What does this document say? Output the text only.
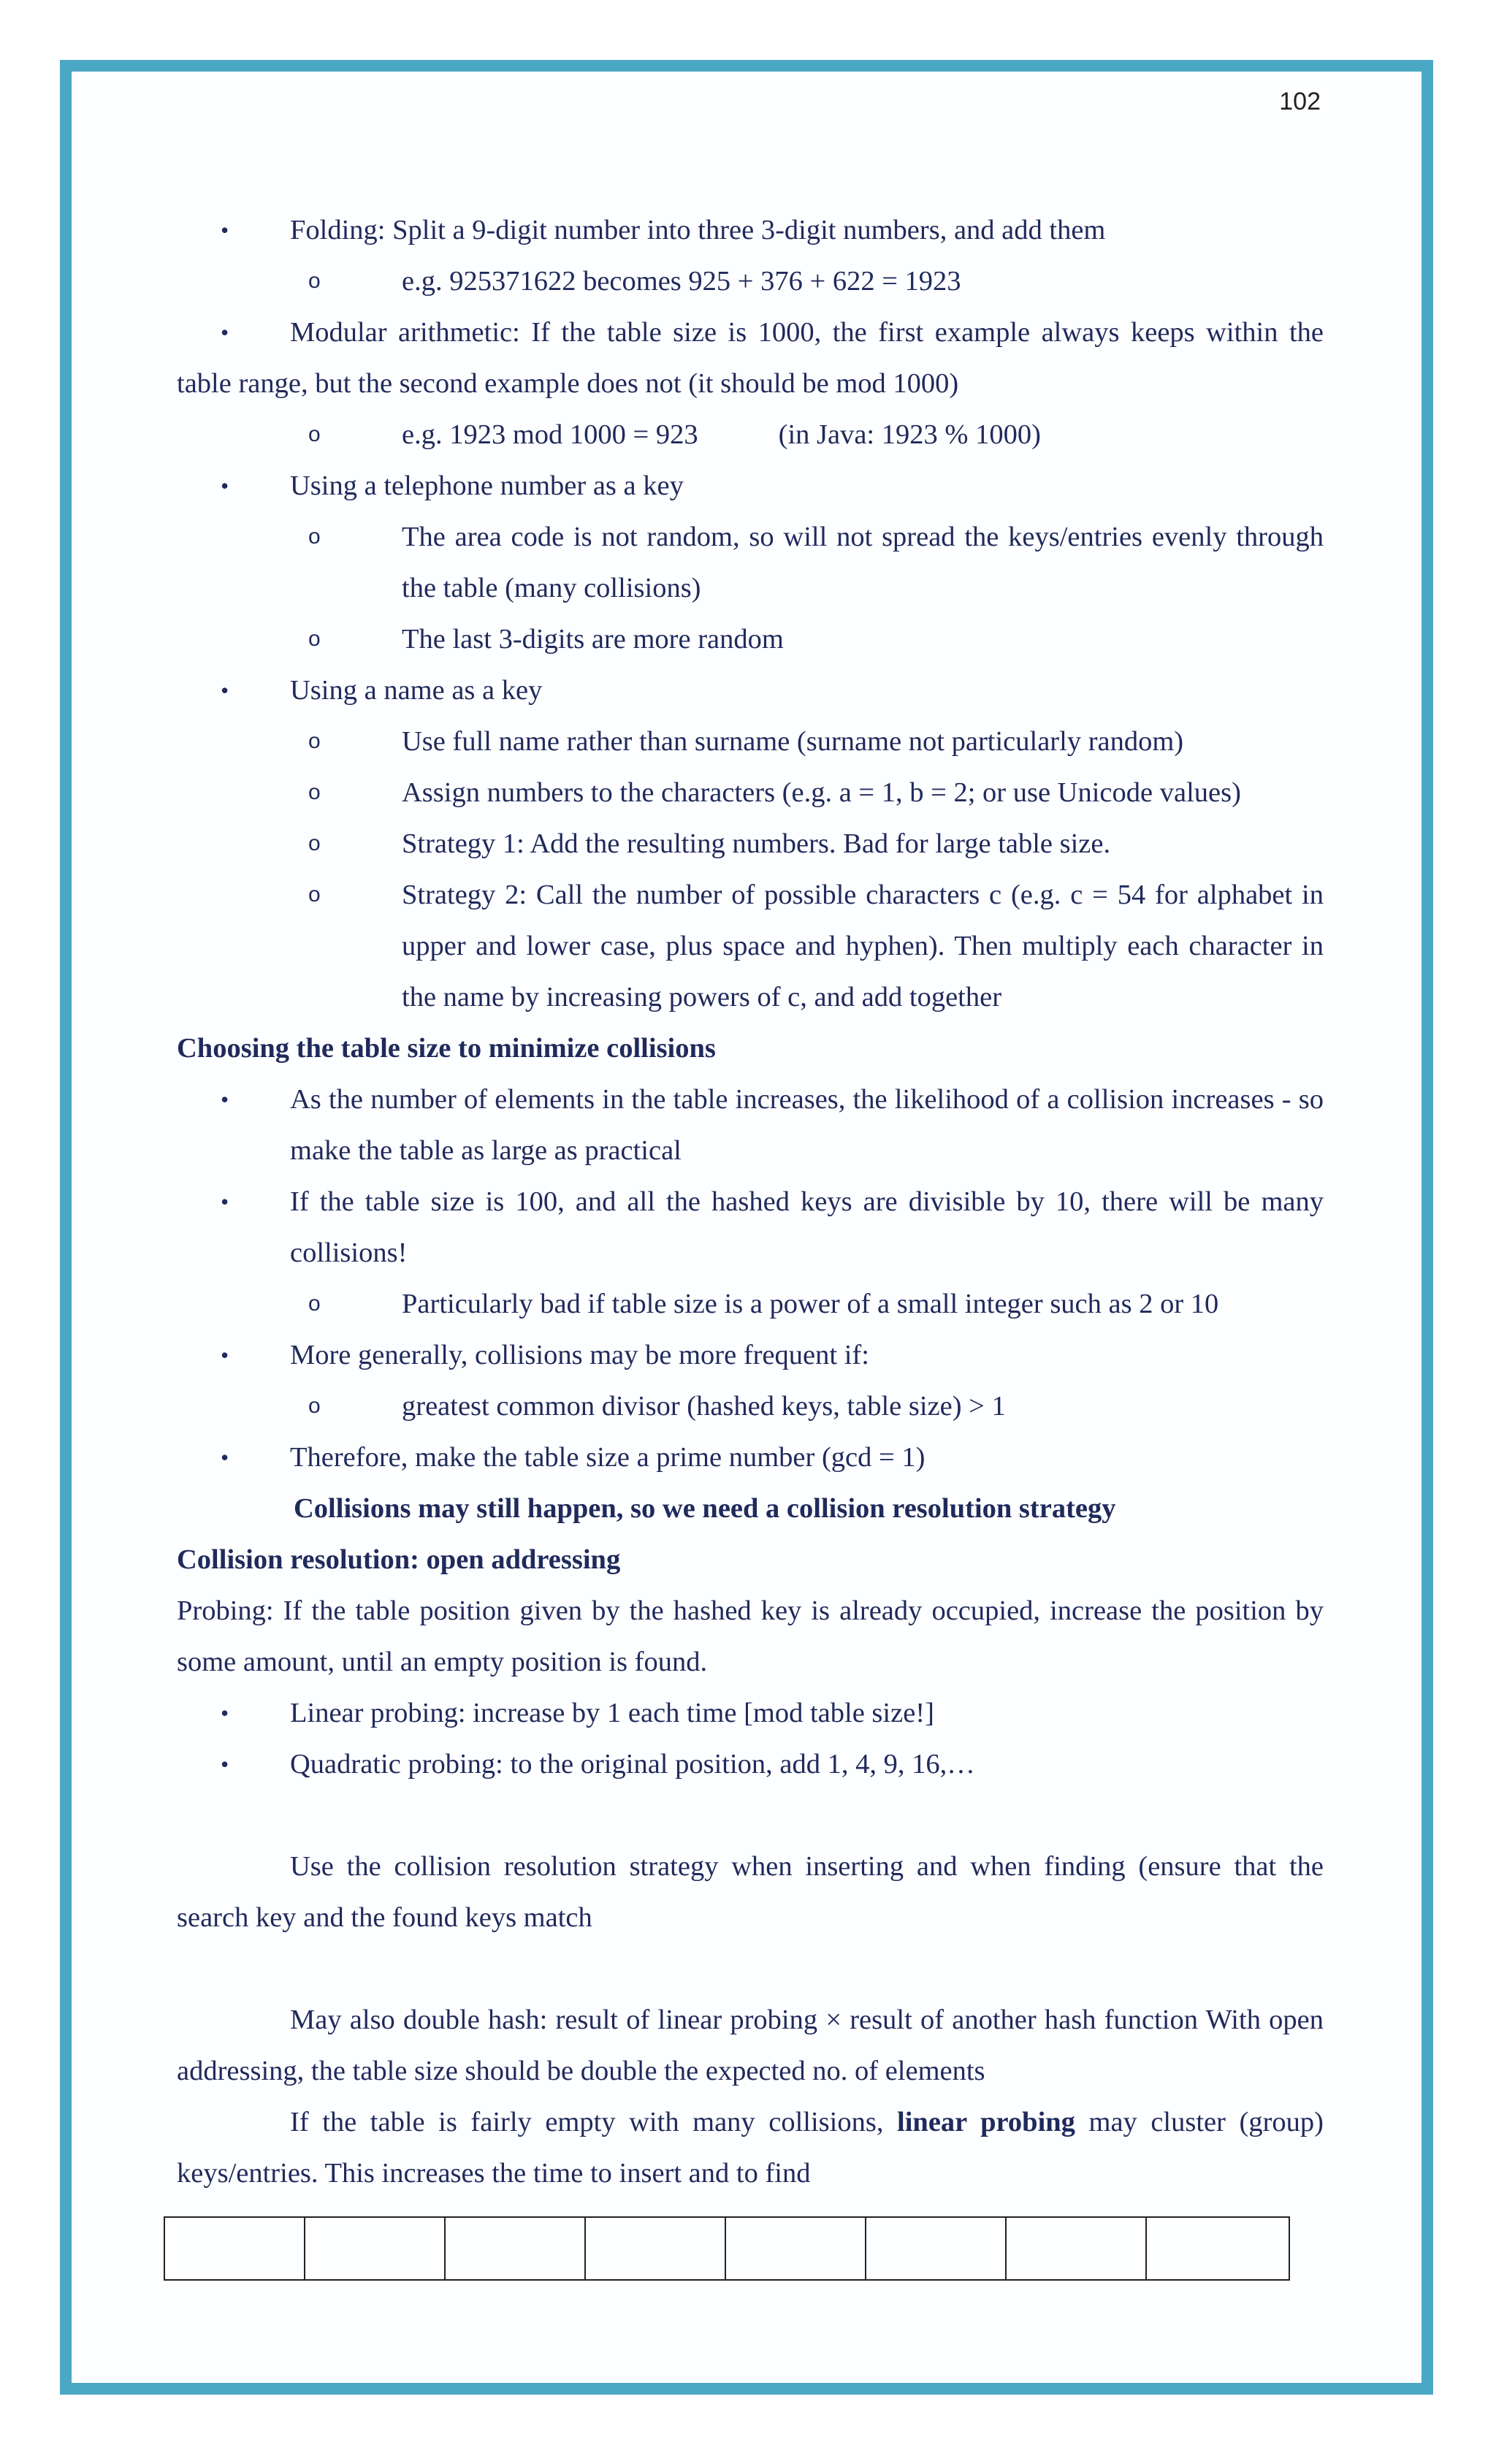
102
• Folding: Split a 9-digit number into three 3-digit numbers, and add them
o e.g. 925371622 becomes 925 + 376 + 622 = 1923
• Modular arithmetic: If the table size is 1000, the first example always keeps within the table range, but the second example does not (it should be mod 1000)
o e.g. 1923 mod 1000 = 923	(in Java: 1923 % 1000)
• Using a telephone number as a key
o The area code is not random, so will not spread the keys/entries evenly through the table (many collisions)
o The last 3-digits are more random
• Using a name as a key
o Use full name rather than surname (surname not particularly random)
o Assign numbers to the characters (e.g. a = 1, b = 2; or use Unicode values)
o Strategy 1: Add the resulting numbers. Bad for large table size.
o Strategy 2: Call the number of possible characters c (e.g. c = 54 for alphabet in upper and lower case, plus space and hyphen). Then multiply each character in the name by increasing powers of c, and add together
Choosing the table size to minimize collisions
• As the number of elements in the table increases, the likelihood of a collision increases - so make the table as large as practical
• If the table size is 100, and all the hashed keys are divisible by 10, there will be many collisions!
o Particularly bad if table size is a power of a small integer such as 2 or 10
• More generally, collisions may be more frequent if:
o greatest common divisor (hashed keys, table size) > 1
• Therefore, make the table size a prime number (gcd = 1)
Collisions may still happen, so we need a collision resolution strategy
Collision resolution: open addressing
Probing: If the table position given by the hashed key is already occupied, increase the position by some amount, until an empty position is found.
• Linear probing: increase by 1 each time [mod table size!]
• Quadratic probing: to the original position, add 1, 4, 9, 16,…
Use the collision resolution strategy when inserting and when finding (ensure that the search key and the found keys match
May also double hash: result of linear probing × result of another hash function With open addressing, the table size should be double the expected no. of elements
If the table is fairly empty with many collisions, linear probing may cluster (group) keys/entries. This increases the time to insert and to find
